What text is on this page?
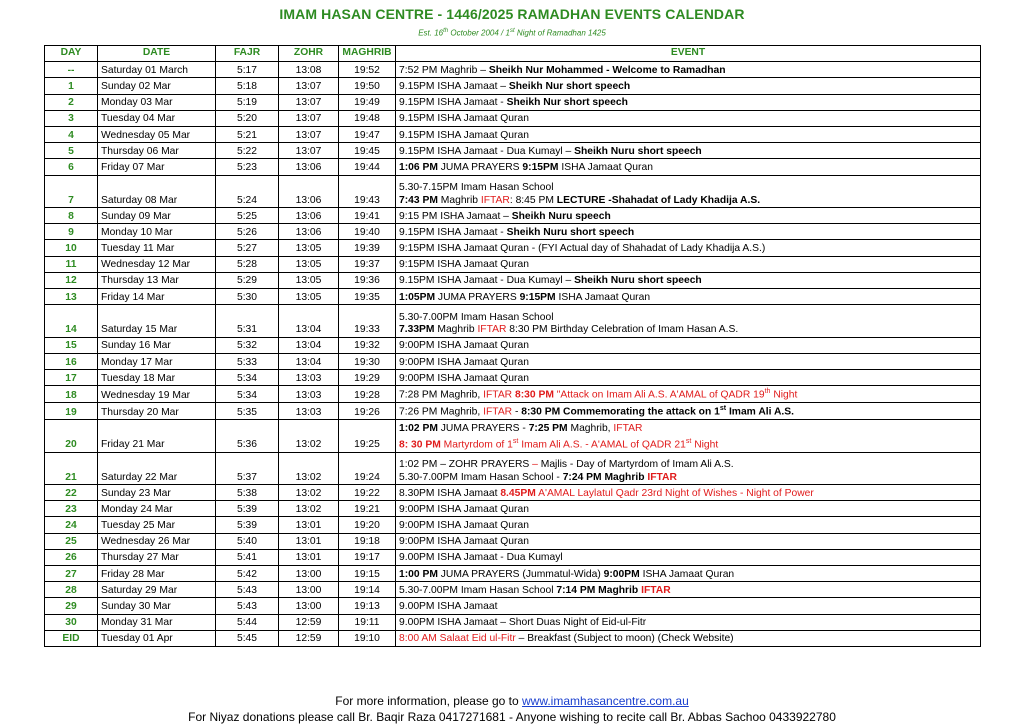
IMAM HASAN CENTRE - 1446/2025 RAMADHAN EVENTS CALENDAR
Est. 16th October 2004 / 1st Night of Ramadhan 1425
DAY	DATE	FAJR	ZOHR	MAGHRIB	EVENT
--	Saturday 01 March	5:17	13:08	19:52	7:52 PM Maghrib – Sheikh Nur Mohammed - Welcome to Ramadhan

1	Sunday 02 Mar	5:18	13:07	19:50	9.15PM ISHA Jamaat – Sheikh Nur short speech

2	Monday 03 Mar	5:19	13:07	19:49	9.15PM ISHA Jamaat - Sheikh Nur short speech

3	Tuesday 04 Mar	5:20	13:07	19:48	9.15PM ISHA Jamaat Quran

4	Wednesday 05 Mar	5:21	13:07	19:47	9.15PM ISHA Jamaat Quran

5	Thursday 06 Mar	5:22	13:07	19:45	9.15PM ISHA Jamaat - Dua Kumayl – Sheikh Nuru short speech

6	Friday 07 Mar	5:23	13:06	19:44	1:06 PM JUMA PRAYERS 9:15PM ISHA Jamaat Quran

7	Saturday 08 Mar	5:24	13:06	19:43	5.30-7.15PM Imam Hasan School
7:43 PM Maghrib IFTAR: 8:45 PM LECTURE -Shahadat of Lady Khadija A.S.

8	Sunday 09 Mar	5:25	13:06	19:41	9:15 PM ISHA Jamaat – Sheikh Nuru speech

9	Monday 10 Mar	5:26	13:06	19:40	9.15PM ISHA Jamaat - Sheikh Nuru short speech

10	Tuesday 11 Mar	5:27	13:05	19:39	9:15PM ISHA Jamaat Quran - (FYI Actual day of Shahadat of Lady Khadija A.S.)

11	Wednesday 12 Mar	5:28	13:05	19:37	9:15PM ISHA Jamaat Quran

12	Thursday 13 Mar	5:29	13:05	19:36	9.15PM ISHA Jamaat - Dua Kumayl – Sheikh Nuru short speech

13	Friday 14 Mar	5:30	13:05	19:35	1:05PM JUMA PRAYERS 9:15PM ISHA Jamaat Quran

14	Saturday 15 Mar	5:31	13:04	19:33	5.30-7.00PM Imam Hasan School
7.33PM Maghrib IFTAR 8:30 PM Birthday Celebration of Imam Hasan A.S.

15	Sunday 16 Mar	5:32	13:04	19:32	9:00PM ISHA Jamaat Quran

16	Monday 17 Mar	5:33	13:04	19:30	9:00PM ISHA Jamaat Quran

17	Tuesday 18 Mar	5:34	13:03	19:29	9:00PM ISHA Jamaat Quran

18	Wednesday 19 Mar	5:34	13:03	19:28	7:28 PM Maghrib, IFTAR 8:30 PM "Attack on Imam Ali A.S. A'AMAL of QADR 19th Night

19	Thursday 20 Mar	5:35	13:03	19:26	7:26 PM Maghrib, IFTAR - 8:30 PM Commemorating the attack on 1st Imam Ali A.S.

20	Friday 21 Mar	5:36	13:02	19:25	1:02 PM JUMA PRAYERS - 7:25 PM Maghrib, IFTAR
8: 30 PM Martyrdom of 1st Imam Ali A.S. - A'AMAL of QADR 21st Night

21	Saturday 22 Mar	5:37	13:02	19:24	1:02 PM – ZOHR PRAYERS – Majlis - Day of Martyrdom of Imam Ali A.S.
5.30-7.00PM Imam Hasan School - 7:24 PM Maghrib IFTAR

22	Sunday 23 Mar	5:38	13:02	19:22	8.30PM ISHA Jamaat 8.45PM A'AMAL Laylatul Qadr 23rd Night of Wishes - Night of Power

23	Monday 24 Mar	5:39	13:02	19:21	9:00PM ISHA Jamaat Quran

24	Tuesday 25 Mar	5:39	13:01	19:20	9:00PM ISHA Jamaat Quran

25	Wednesday 26 Mar	5:40	13:01	19:18	9:00PM ISHA Jamaat Quran

26	Thursday 27 Mar	5:41	13:01	19:17	9.00PM ISHA Jamaat - Dua Kumayl

27	Friday 28 Mar	5:42	13:00	19:15	1:00 PM JUMA PRAYERS (Jummatul-Wida) 9:00PM ISHA Jamaat Quran

28	Saturday 29 Mar	5:43	13:00	19:14	5.30-7.00PM Imam Hasan School 7:14 PM Maghrib IFTAR

29	Sunday 30 Mar	5:43	13:00	19:13	9.00PM ISHA Jamaat

30	Monday 31 Mar	5:44	12:59	19:11	9.00PM ISHA Jamaat – Short Duas Night of Eid-ul-Fitr

EID	Tuesday 01 Apr	5:45	12:59	19:10	8:00 AM Salaat Eid ul-Fitr – Breakfast (Subject to moon) (Check Website)
For more information, please go to www.imamhasancentre.com.au
For Niyaz donations please call Br. Baqir Raza 0417271681 - Anyone wishing to recite call Br. Abbas Sachoo 0433922780
